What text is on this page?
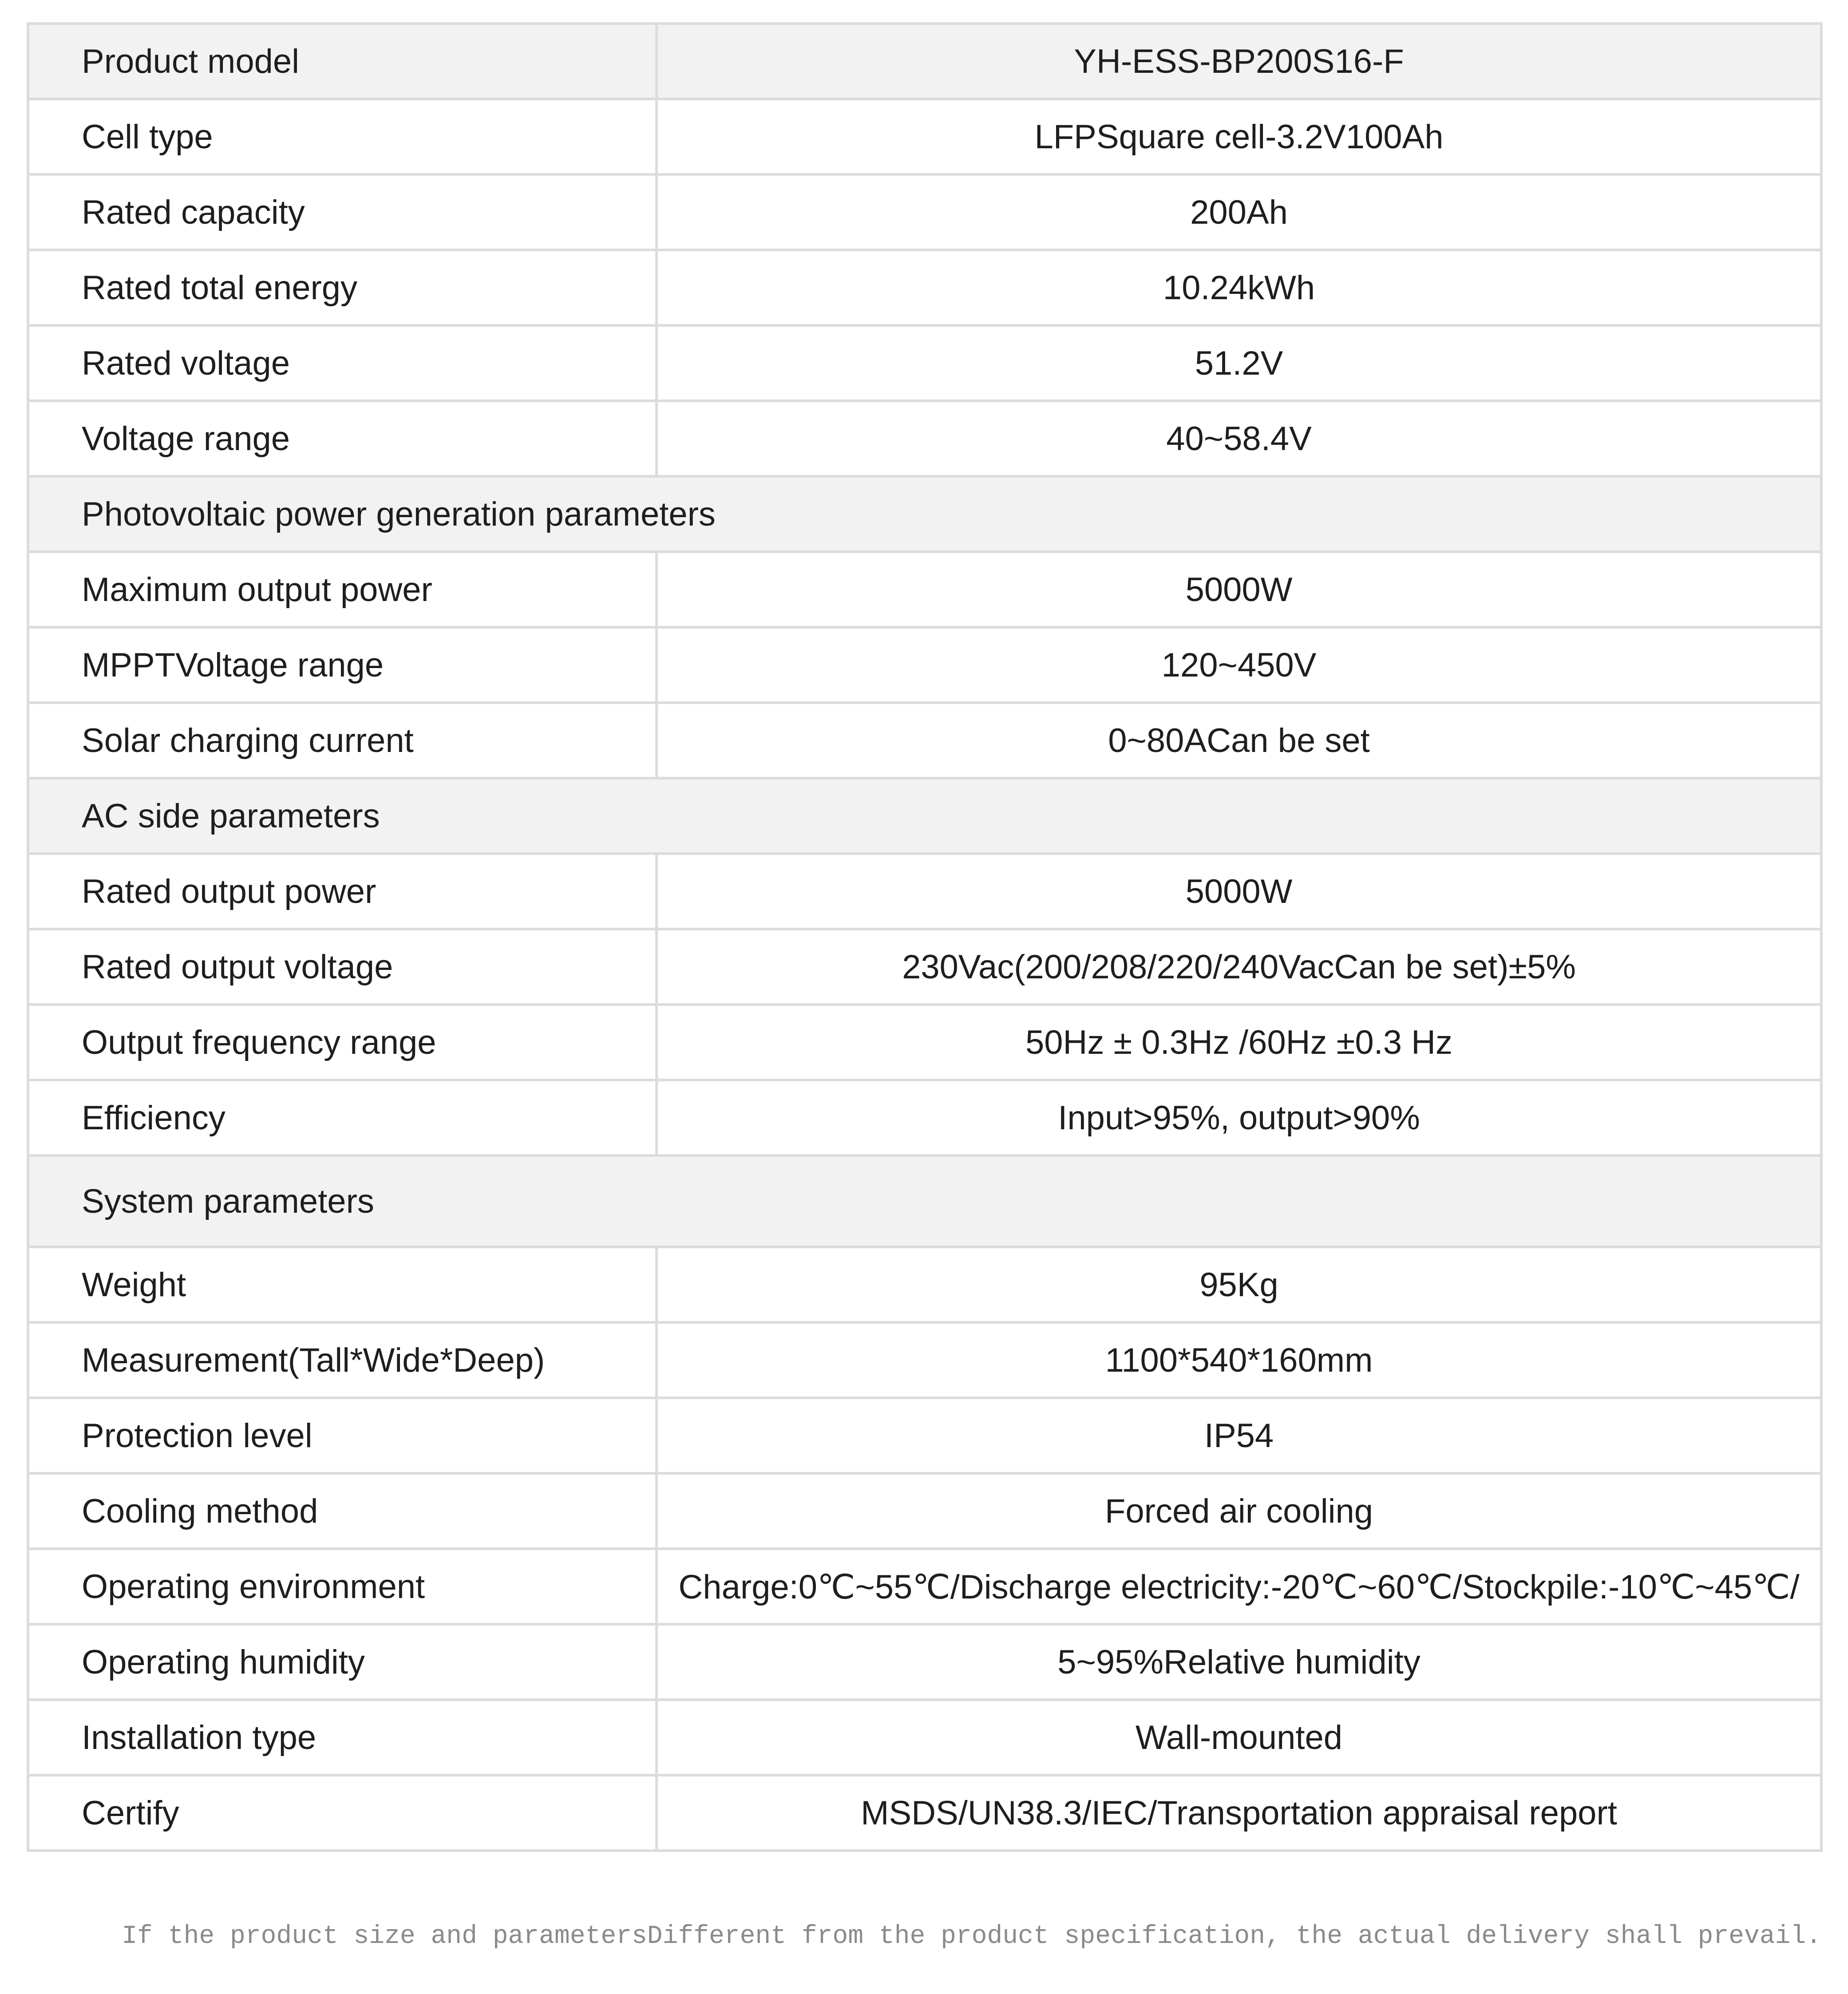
Product model	YH-ESS-BP200S16-F
Cell type	LFPSquare cell-3.2V100Ah
Rated capacity	200Ah
Rated total energy	10.24kWh
Rated voltage	51.2V
Voltage range	40~58.4V
Photovoltaic power generation parameters	
Maximum output power	5000W
MPPTVoltage range	120~450V
Solar charging current	0~80ACan be set
AC side parameters	
Rated output power	5000W
Rated output voltage	230Vac(200/208/220/240VacCan be set)±5%
Output frequency range	50Hz ± 0.3Hz /60Hz ±0.3 Hz
Efficiency	Input>95%, output>90%
System parameters	
Weight	95Kg
Measurement(Tall*Wide*Deep)	1100*540*160mm
Protection level	IP54
Cooling method	Forced air cooling
Operating environment	Charge:0℃~55℃/Discharge electricity:-20℃~60℃/Stockpile:-10℃~45℃/
Operating humidity	5~95%Relative humidity
Installation type	Wall-mounted
Certify	MSDS/UN38.3/IEC/Transportation appraisal report

If the product size and parametersDifferent from the product specification, the actual delivery shall prevail.
